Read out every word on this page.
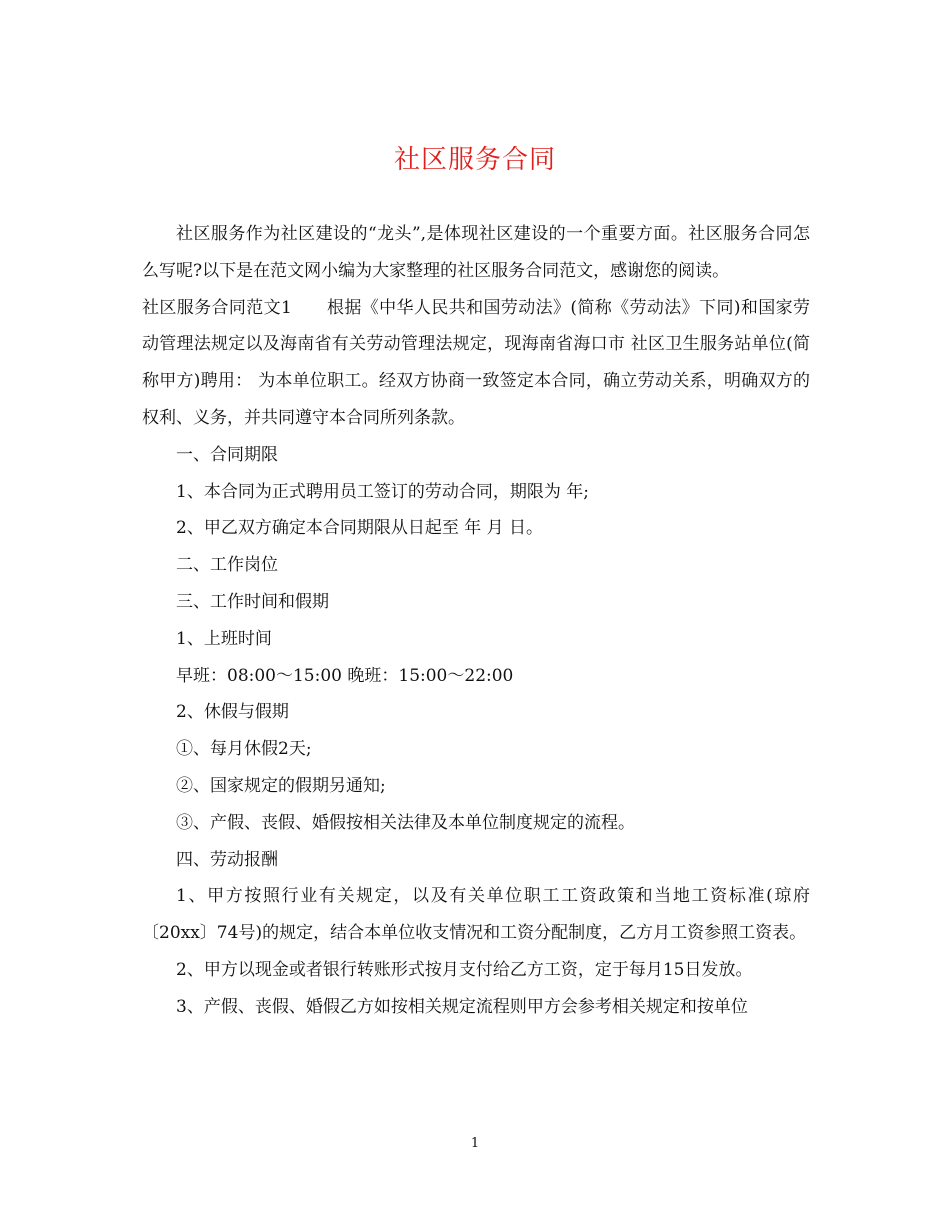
社区服务合同

社区服务作为社区建设的“龙头”,是体现社区建设的一个重要方面。社区服务合同怎么写呢?以下是在范文网小编为大家整理的社区服务合同范文，感谢您的阅读。

社区服务合同范文1　　根据《中华人民共和国劳动法》(简称《劳动法》下同)和国家劳动管理法规定以及海南省有关劳动管理法规定，现海南省海口市 社区卫生服务站单位(简称甲方)聘用： 为本单位职工。经双方协商一致签定本合同，确立劳动关系，明确双方的权利、义务，并共同遵守本合同所列条款。

一、合同期限

1、本合同为正式聘用员工签订的劳动合同，期限为 年;

2、甲乙双方确定本合同期限从日起至 年 月 日。

二、工作岗位

三、工作时间和假期

1、上班时间

早班：08:00～15:00 晚班：15:00～22:00

2、休假与假期

①、每月休假2天;

②、国家规定的假期另通知;

③、产假、丧假、婚假按相关法律及本单位制度规定的流程。

四、劳动报酬

1、甲方按照行业有关规定，以及有关单位职工工资政策和当地工资标准(琼府〔20xx〕74号)的规定，结合本单位收支情况和工资分配制度，乙方月工资参照工资表。

2、甲方以现金或者银行转账形式按月支付给乙方工资，定于每月15日发放。

3、产假、丧假、婚假乙方如按相关规定流程则甲方会参考相关规定和按单位

1
